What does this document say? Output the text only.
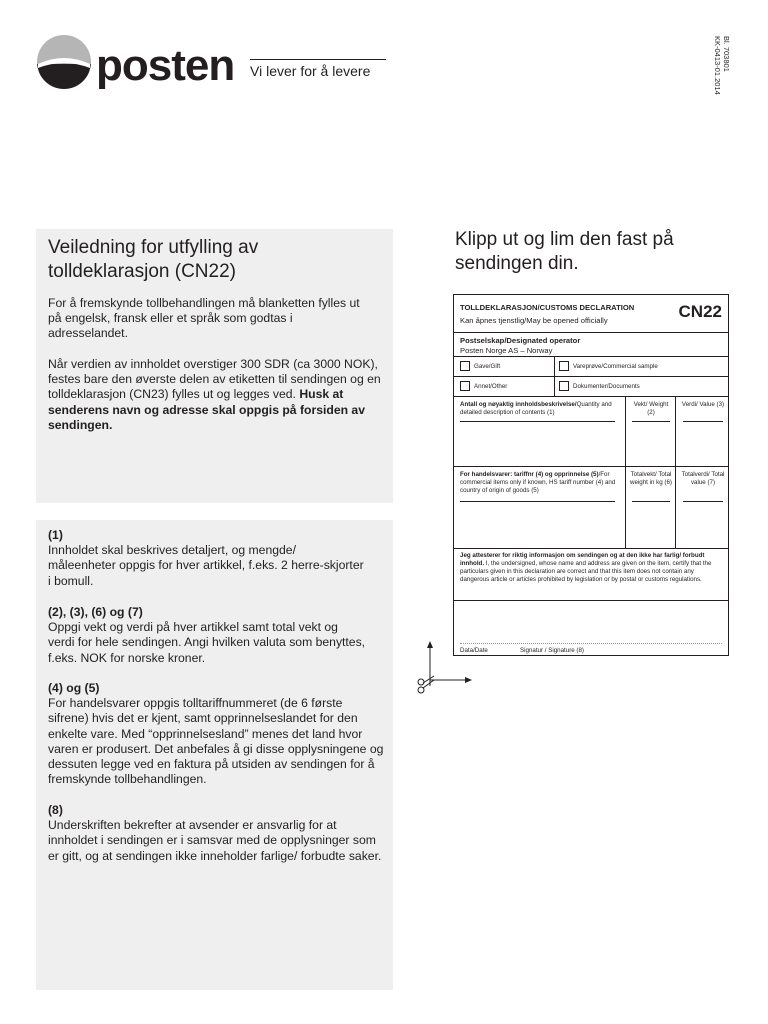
posten Vi lever for å levere	Bl. 703801
KK-0413-01.2014
Veiledning for utfylling av tolldeklarasjon (CN22)
For å fremskynde tollbehandlingen må blanketten fylles ut på engelsk, fransk eller et språk som godtas i adresselandet.
Når verdien av innholdet overstiger 300 SDR (ca 3000 NOK), festes bare den øverste delen av etiketten til sendingen og en tolldeklarasjon (CN23) fylles ut og legges ved. Husk at senderens navn og adresse skal oppgis på forsiden av sendingen.
(1)
Innholdet skal beskrives detaljert, og mengde/ måleenheter oppgis for hver artikkel, f.eks. 2 herre-skjorter i bomull.
(2), (3), (6) og (7)
Oppgi vekt og verdi på hver artikkel samt total vekt og verdi for hele sendingen. Angi hvilken valuta som benyttes, f.eks. NOK for norske kroner.
(4) og (5)
For handelsvarer oppgis tolltariffnummeret (de 6 første sifrene) hvis det er kjent, samt opprinnelseslandet for den enkelte vare. Med “opprinnelsesland” menes det land hvor varen er produsert. Det anbefales å gi disse opplysningene og dessuten legge ved en faktura på utsiden av sendingen for å fremskynde tollbehandlingen.
(8)
Underskriften bekrefter at avsender er ansvarlig for at innholdet i sendingen er i samsvar med de opplysninger som er gitt, og at sendingen ikke inneholder farlige/ forbudte saker.
Klipp ut og lim den fast på sendingen din.
TOLLDEKLARASJON/CUSTOMS DECLARATION
Kan åpnes tjenstlig/May be opened officially	CN22
Postselskap/Designated operator
Posten Norge AS – Norway
Gave/Gift	Vareprøve/Commercial sample
Annet/Other	Dokumenter/Documents
Antall og nøyaktig innholdsbeskrivelse/Quantity and detailed description of contents (1)
Vekt/ Weight (2)
Verdi/ Value (3)
For handelsvarer: tariffnr (4) og opprinnelse (5)/For commercial items only if known, HS tariff number (4) and country of origin of goods (5)
Totalvekt/ Total weight in kg (6)
Totalverdi/ Total value (7)
Jeg attesterer for riktig informasjon om sendingen og at den ikke har farlig/ forbudt innhold. I, the undersigned, whose name and address are given on the item, certify that the particulars given in this declaration are correct and that this item does not contain any dangerous article or articles prohibited by legislation or by postal or customs regulations.
Data/Date	Signatur / Signature (8)
